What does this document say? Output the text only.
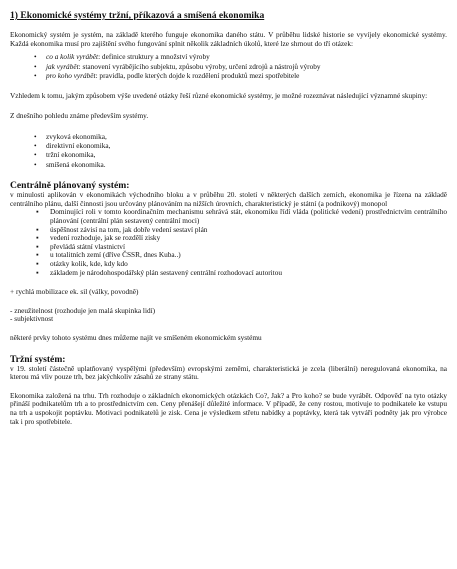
1) Ekonomické systémy tržní, příkazová a smíšená ekonomika

Ekonomický systém je systém, na základě kterého funguje ekonomika daného státu. V průběhu lidské historie se vyvíjely ekonomické systémy. Každá ekonomika musí pro zajištění svého fungování splnit několik základních úkolů, které lze shrnout do tří otázek:

• co a kolik vyrábět: definice struktury a množství výroby
• jak vyrábět: stanovení vyrábějícího subjektu, způsobu výroby, určení zdrojů a nástrojů výroby
• pro koho vyrábět: pravidla, podle kterých dojde k rozdělení produktů mezi spotřebitele

Vzhledem k tomu, jakým způsobem výše uvedené otázky řeší různé ekonomické systémy, je možné rozeznávat následující významné skupiny:

Z dnešního pohledu známe především systémy.

• zvyková ekonomika,
• direktivní ekonomika,
• tržní ekonomika,
• smíšená ekonomika.
Centrálně plánovaný systém:

v minulosti aplikován v ekonomikách východního bloku a v průběhu 20. století v některých dalších zemích, ekonomika je řízena na základě centrálního plánu, další činnosti jsou určovány plánováním na nižších úrovních, charakteristický je státní (a podnikový) monopol

▪ Dominující roli v tomto koordinačním mechanismu sehrává stát, ekonomiku řídí vláda (politické vedení) prostřednictvím centrálního plánování (centrální plán sestavený centrální moci)
▪ úspěšnost závisí na tom, jak dobře vedení sestaví plán
▪ vedení rozhoduje, jak se rozdělí zisky
▪ převládá státní vlastnictví
▪ u totalitních zemí (dříve ČSSR, dnes Kuba..)
▪ otázky kolik, kde, kdy kdo
▪ základem je národohospodářský plán sestavený centrální rozhodovací autoritou

+ rychlá mobilizace ek. sil (války, povodně)

- zneužitelnost (rozhoduje jen malá skupinka lidí)

- subjektivnost

některé prvky tohoto systému dnes můžeme najít ve smíšeném ekonomickém systému

Tržní systém:

v 19. století částečně uplatňovaný vyspělými (především) evropskými zeměmi, charakteristická je zcela (liberální) neregulovaná ekonomika, na kterou má vliv pouze trh, bez jakýchkoliv zásahů ze strany státu.

Ekonomika založená na trhu. Trh rozhoduje o základních ekonomických otázkách Co?, Jak? a Pro koho? se bude vyrábět. Odpověď na tyto otázky přináší podnikatelům trh a to prostřednictvím cen. Ceny přenášejí důležité informace. V případě, že ceny rostou, motivuje to podnikatele ke vstupu na trh a uspokojit poptávku. Motivaci podnikatelů je zisk. Cena je výsledkem střetu nabídky a poptávky, která tak vytváří podněty jak pro výrobce tak i pro spotřebitele.
